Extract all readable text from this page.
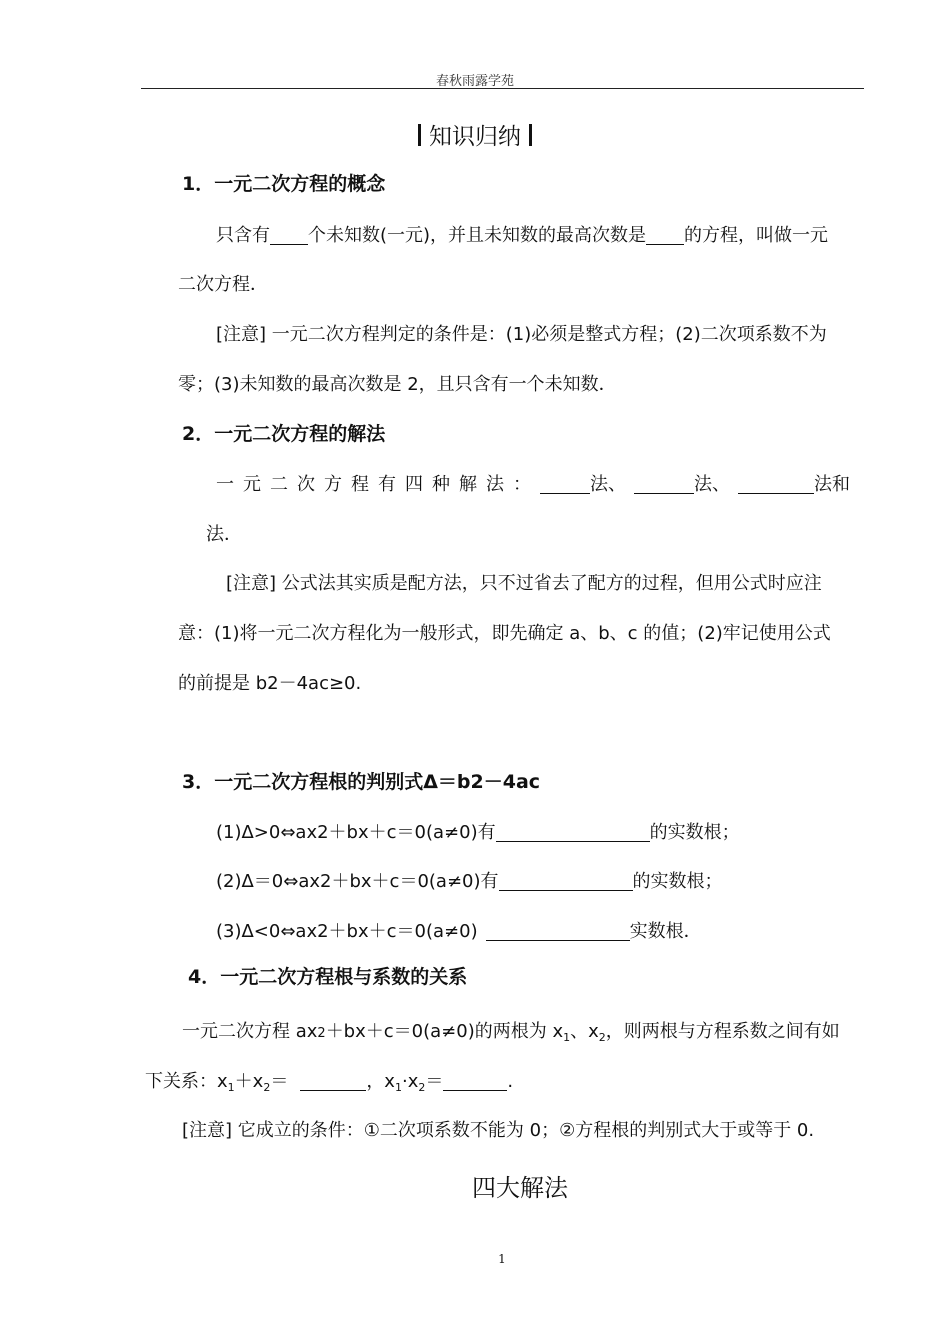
春秋雨露学苑
知识归纳
1．一元二次方程的概念
只含有 个未知数(一元)，并且未知数的最高次数是 的方程，叫做一元
二次方程．
[注意] 一元二次方程判定的条件是：(1)必须是整式方程；(2)二次项系数不为
零；(3)未知数的最高次数是 2，且只含有一个未知数．
2．一元二次方程的解法
一元二次方程有四种解法：	法、	法、	法和
法．
[注意] 公式法其实质是配方法，只不过省去了配方的过程，但用公式时应注
意：(1)将一元二次方程化为一般形式，即先确定 a、b、c 的值；(2)牢记使用公式
的前提是 b2－4ac≥0.
3．一元二次方程根的判别式Δ＝b2－4ac
(1)Δ>0⇔ax2＋bx＋c＝0(a≠0)有	的实数根；
(2)Δ＝0⇔ax2＋bx＋c＝0(a≠0)有	的实数根；
(3)Δ<0⇔ax2＋bx＋c＝0(a≠0)	实数根．
4．一元二次方程根与系数的关系
一元二次方程 ax2＋bx＋c＝0(a≠0)的两根为 $x_1$、$x_2$，则两根与方程系数之间有如
下关系：$x_1+x_2=$	，$x_1\cdot x_2=$	.
[注意] 它成立的条件：①二次项系数不能为 0；②方程根的判别式大于或等于 0.
四大解法
1
